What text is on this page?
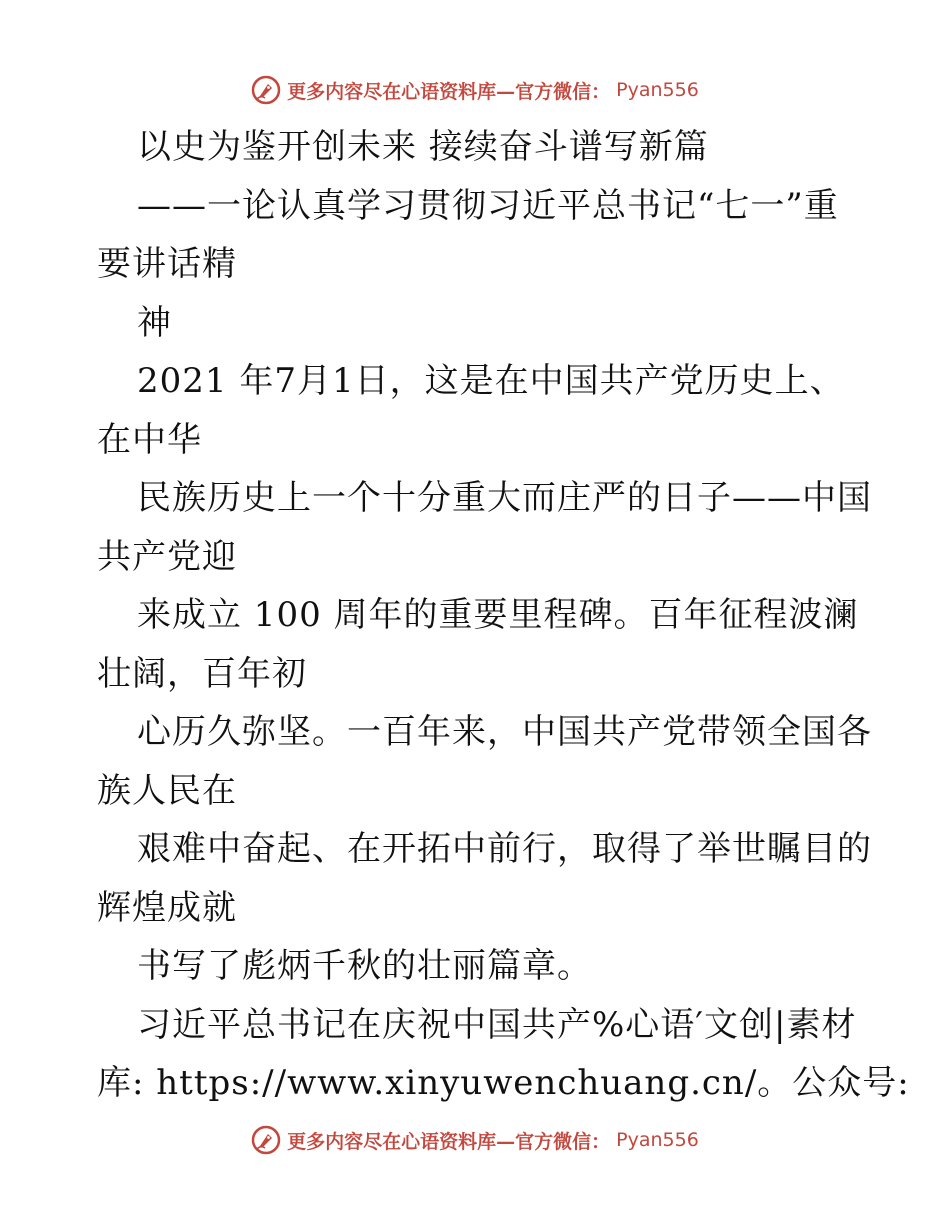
更多内容尽在心语资料库—官方微信： Pyan556
以史为鉴开创未来 接续奋斗谱写新篇
——一论认真学习贯彻习近平总书记“七一”重
要讲话精
神
2021 年7月1日，这是在中国共产党历史上、
在中华
民族历史上一个十分重大而庄严的日子——中国
共产党迎
来成立 100 周年的重要里程碑。百年征程波澜
壮阔，百年初
心历久弥坚。一百年来，中国共产党带领全国各
族人民在
艰难中奋起、在开拓中前行，取得了举世瞩目的
辉煌成就
书写了彪炳千秋的壮丽篇章。
习近平总书记在庆祝中国共产%心语′文创|素材
库: https://www.xinyuwenchuang.cn/。公众号:
更多内容尽在心语资料库—官方微信： Pyan556
